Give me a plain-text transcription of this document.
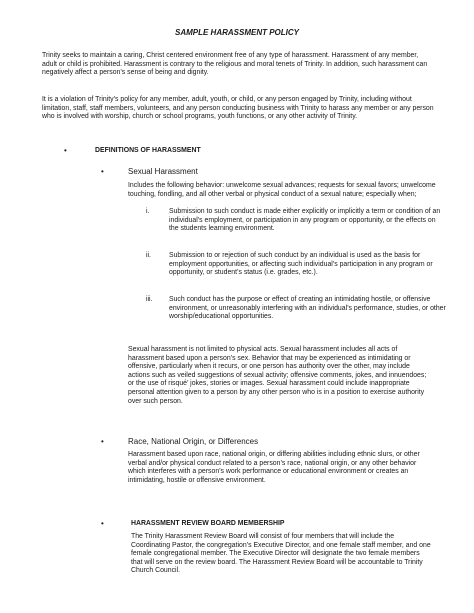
SAMPLE HARASSMENT POLICY

Trinity seeks to maintain a caring, Christ centered environment free of any type of harassment. Harassment of any member, adult or child is prohibited. Harassment is contrary to the religious and moral tenets of Trinity. In addition, such harassment can negatively affect a person’s sense of being and dignity.

It is a violation of Trinity’s policy for any member, adult, youth, or child, or any person engaged by Trinity, including without limitation, staff, staff members, volunteers, and any person conducting business with Trinity to harass any member or any person who is involved with worship, church or school programs, youth functions, or any other activity of Trinity.

•	DEFINITIONS OF HARASSMENT
•	Sexual Harassment

Includes the following behavior: unwelcome sexual advances; requests for sexual favors; unwelcome touching, fondling, and all other verbal or physical conduct of a sexual nature; especially when;

i.	Submission to such conduct is made either explicitly or implicitly a term or condition of an individual’s employment, or participation in any program or opportunity, or the effects on the students learning environment.
ii.	Submission to or rejection of such conduct by an individual is used as the basis for employment opportunities, or affecting such individual’s participation in any program or opportunity, or student’s status (i.e. grades, etc.).
iii.	Such conduct has the purpose or effect of creating an intimidating hostile, or offensive environment, or unreasonably interfering with an individual’s performance, studies, or other worship/educational opportunities.

Sexual harassment is not limited to physical acts. Sexual harassment includes all acts of harassment based upon a person’s sex. Behavior that may be experienced as intimidating or offensive, particularly when it recurs, or one person has authority over the other, may include actions such as veiled suggestions of sexual activity; offensive comments, jokes, and innuendoes; or the use of risqué’ jokes, stories or images. Sexual harassment could include inappropriate personal attention given to a person by any other person who is in a position to exercise authority over such person.

•	Race, National Origin, or Differences

Harassment based upon race, national origin, or differing abilities including ethnic slurs, or other verbal and/or physical conduct related to a person’s race, national origin, or any other behavior which interferes with a person’s work performance or educational environment or creates an intimidating, hostile or offensive environment.

•	HARASSMENT REVIEW BOARD MEMBERSHIP

The Trinity Harassment Review Board will consist of four members that will include the Coordinating Pastor, the congregation’s Executive Director, and one female staff member, and one female congregational member. The Executive Director will designate the two female members that will serve on the review board. The Harassment Review Board will be accountable to Trinity Church Council.
